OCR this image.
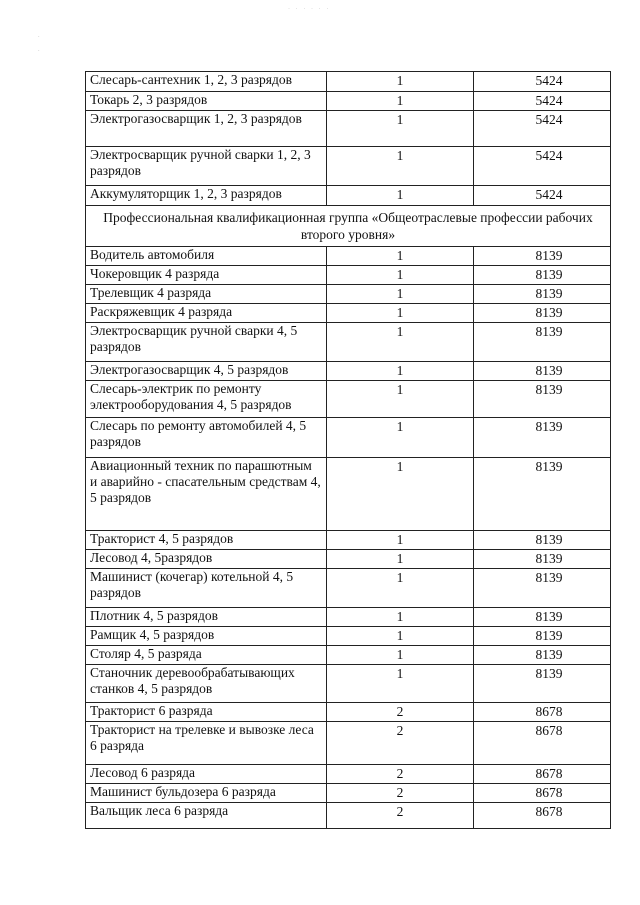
· · · · · ·
·
·
Слесарь-сантехник 1, 2, 3 разрядов	1	5424
Токарь 2, 3 разрядов	1	5424
Электрогазосварщик 1, 2, 3 разрядов	1	5424
Электросварщик ручной сварки 1, 2, 3 разрядов	1	5424
Аккумуляторщик 1, 2, 3 разрядов	1	5424
Профессиональная квалификационная группа «Общеотраслевые профессии рабочих второго уровня»		
Водитель автомобиля	1	8139
Чокеровщик 4 разряда	1	8139
Трелевщик 4 разряда	1	8139
Раскряжевщик 4 разряда	1	8139
Электросварщик ручной сварки 4, 5 разрядов	1	8139
Электрогазосварщик 4, 5 разрядов	1	8139
Слесарь-электрик по ремонту электрооборудования 4, 5 разрядов	1	8139
Слесарь по ремонту автомобилей 4, 5 разрядов	1	8139
Авиационный техник по парашютным и аварийно - спасательным средствам 4, 5 разрядов	1	8139
Тракторист 4, 5 разрядов	1	8139
Лесовод 4, 5разрядов	1	8139
Машинист (кочегар) котельной 4, 5 разрядов	1	8139
Плотник 4, 5 разрядов	1	8139
Рамщик 4, 5 разрядов	1	8139
Столяр 4, 5 разряда	1	8139
Станочник деревообрабатывающих станков 4, 5 разрядов	1	8139
Тракторист 6 разряда	2	8678
Тракторист на трелевке и вывозке леса 6 разряда	2	8678
Лесовод 6 разряда	2	8678
Машинист бульдозера 6 разряда	2	8678
Вальщик леса 6 разряда	2	8678
